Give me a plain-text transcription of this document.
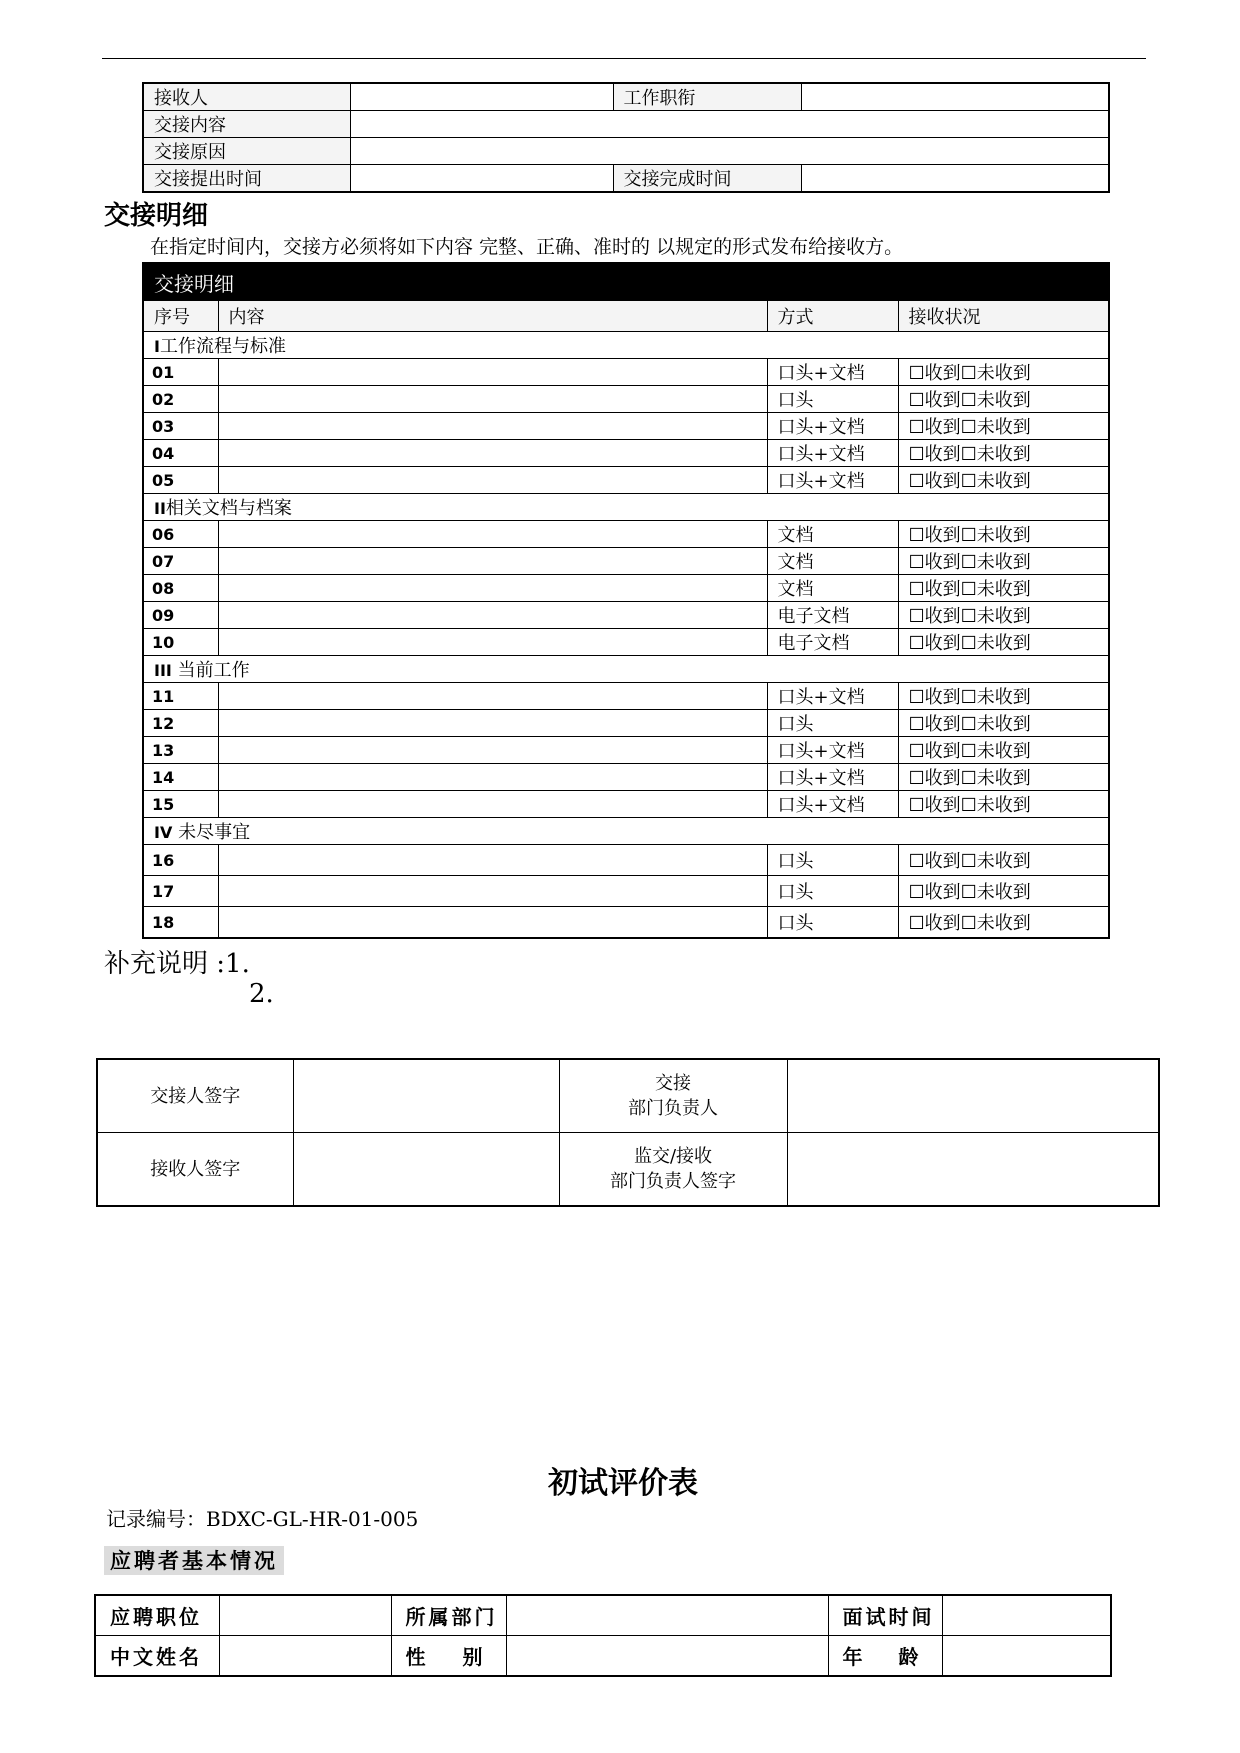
接收人		工作职衔	
交接内容			
交接原因			
交接提出时间		交接完成时间	
交接明细
在指定时间内，交接方必须将如下内容 完整、正确、准时的 以规定的形式发布给接收方。
交接明细			
序号	内容	方式	接收状况
I工作流程与标准			
01		口头+文档	☐收到☐未收到
02		口头	☐收到☐未收到
03		口头+文档	☐收到☐未收到
04		口头+文档	☐收到☐未收到
05		口头+文档	☐收到☐未收到
II相关文档与档案			
06		文档	☐收到☐未收到
07		文档	☐收到☐未收到
08		文档	☐收到☐未收到
09		电子文档	☐收到☐未收到
10		电子文档	☐收到☐未收到
III 当前工作			
11		口头+文档	☐收到☐未收到
12		口头	☐收到☐未收到
13		口头+文档	☐收到☐未收到
14		口头+文档	☐收到☐未收到
15		口头+文档	☐收到☐未收到
IV 未尽事宜			
16		口头	☐收到☐未收到
17		口头	☐收到☐未收到
18		口头	☐收到☐未收到
补充说明 :1.
2.
交接人签字		交接
部门负责人	

接收人签字		监交/接收
部门负责人签字	

初试评价表
记录编号：BDXC-GL-HR-01-005
应聘者基本情况
应聘职位		所属部门		面试时间	
中文姓名		性 别		年 龄	
